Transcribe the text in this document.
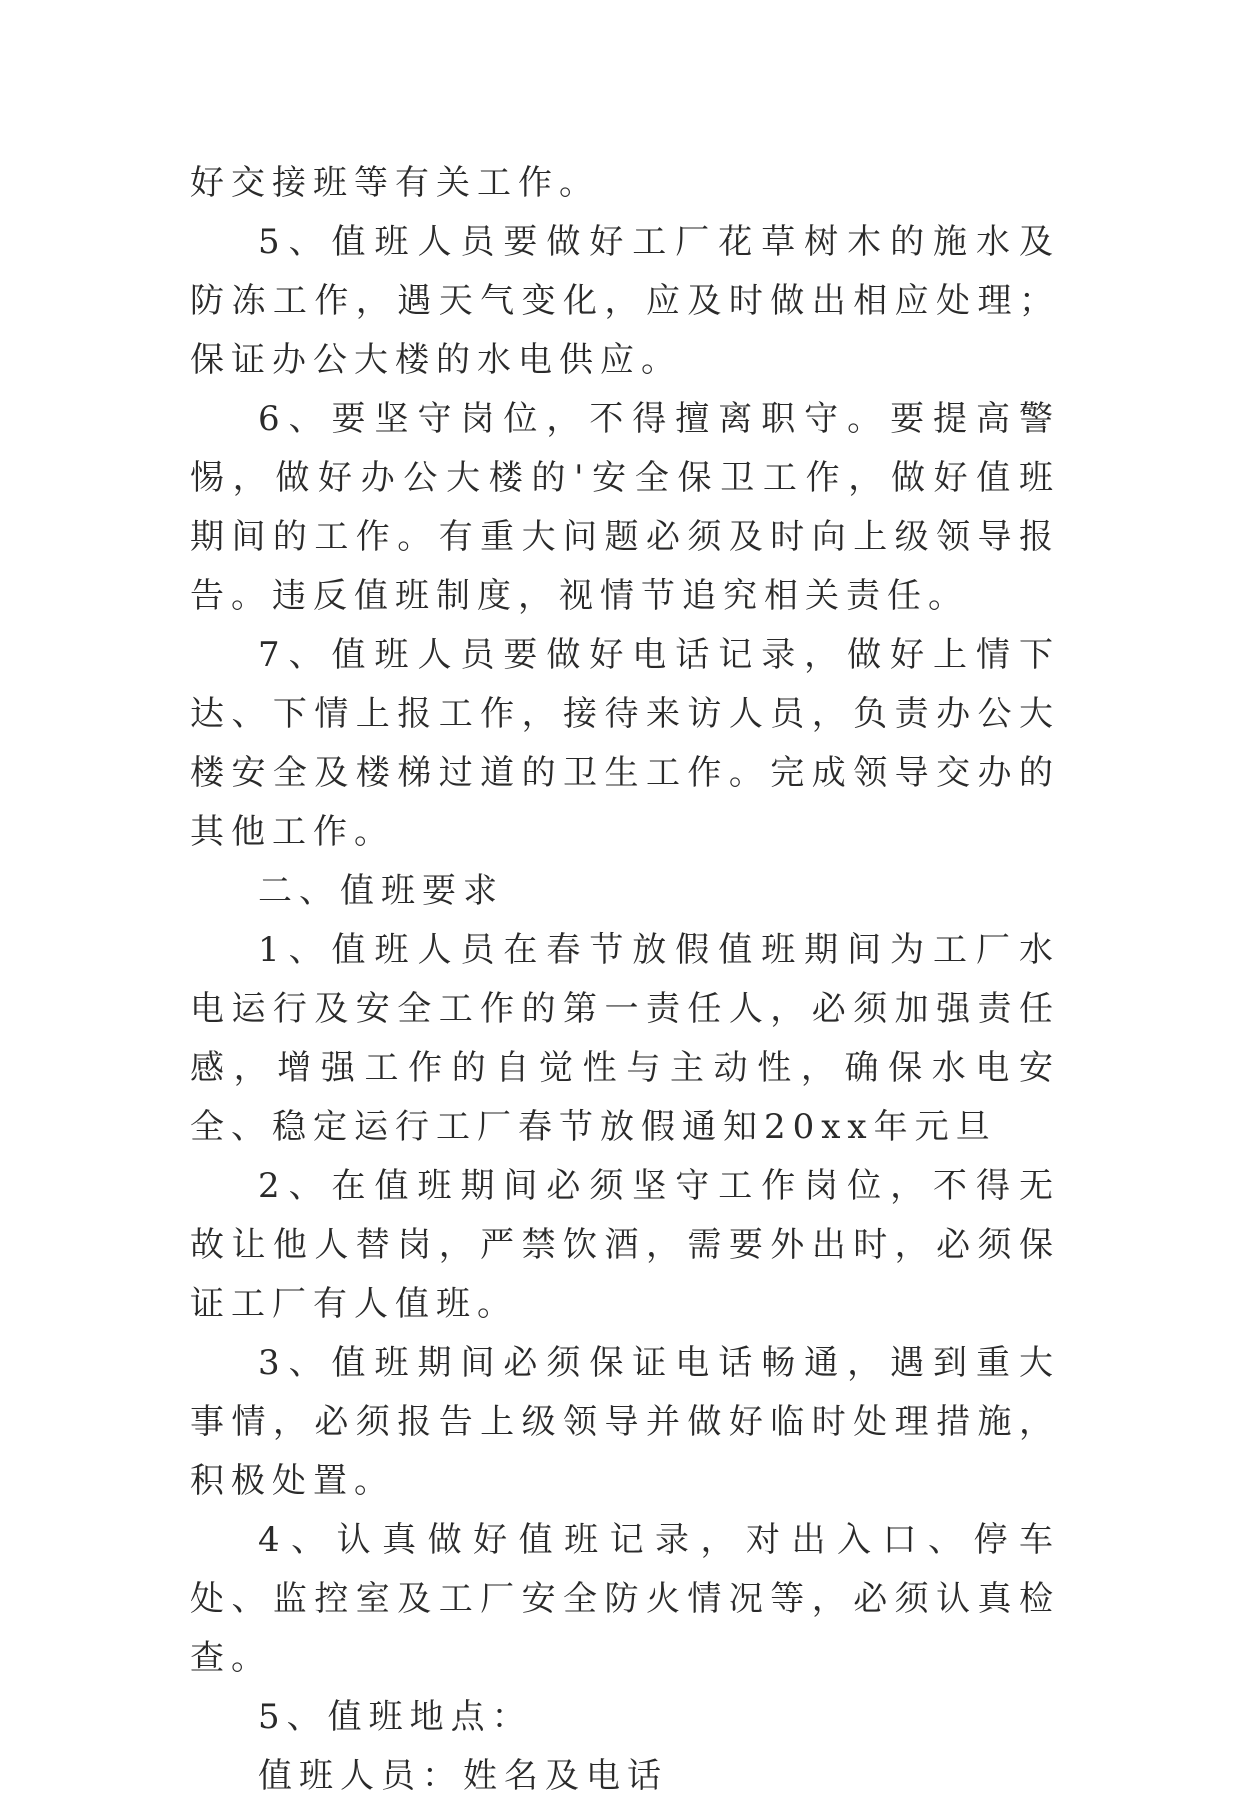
好交接班等有关工作。

5、值班人员要做好工厂花草树木的施水及防冻工作，遇天气变化，应及时做出相应处理；保证办公大楼的水电供应。

6、要坚守岗位，不得擅离职守。要提高警惕，做好办公大楼的'安全保卫工作，做好值班期间的工作。有重大问题必须及时向上级领导报告。违反值班制度，视情节追究相关责任。

7、值班人员要做好电话记录，做好上情下达、下情上报工作，接待来访人员，负责办公大楼安全及楼梯过道的卫生工作。完成领导交办的其他工作。

二、值班要求

1、值班人员在春节放假值班期间为工厂水电运行及安全工作的第一责任人，必须加强责任感，增强工作的自觉性与主动性，确保水电安全、稳定运行工厂春节放假通知20xx年元旦

2、在值班期间必须坚守工作岗位，不得无故让他人替岗，严禁饮酒，需要外出时，必须保证工厂有人值班。

3、值班期间必须保证电话畅通，遇到重大事情，必须报告上级领导并做好临时处理措施，积极处置。

4、认真做好值班记录，对出入口、停车处、监控室及工厂安全防火情况等，必须认真检查。

5、值班地点：

值班人员：姓名及电话
